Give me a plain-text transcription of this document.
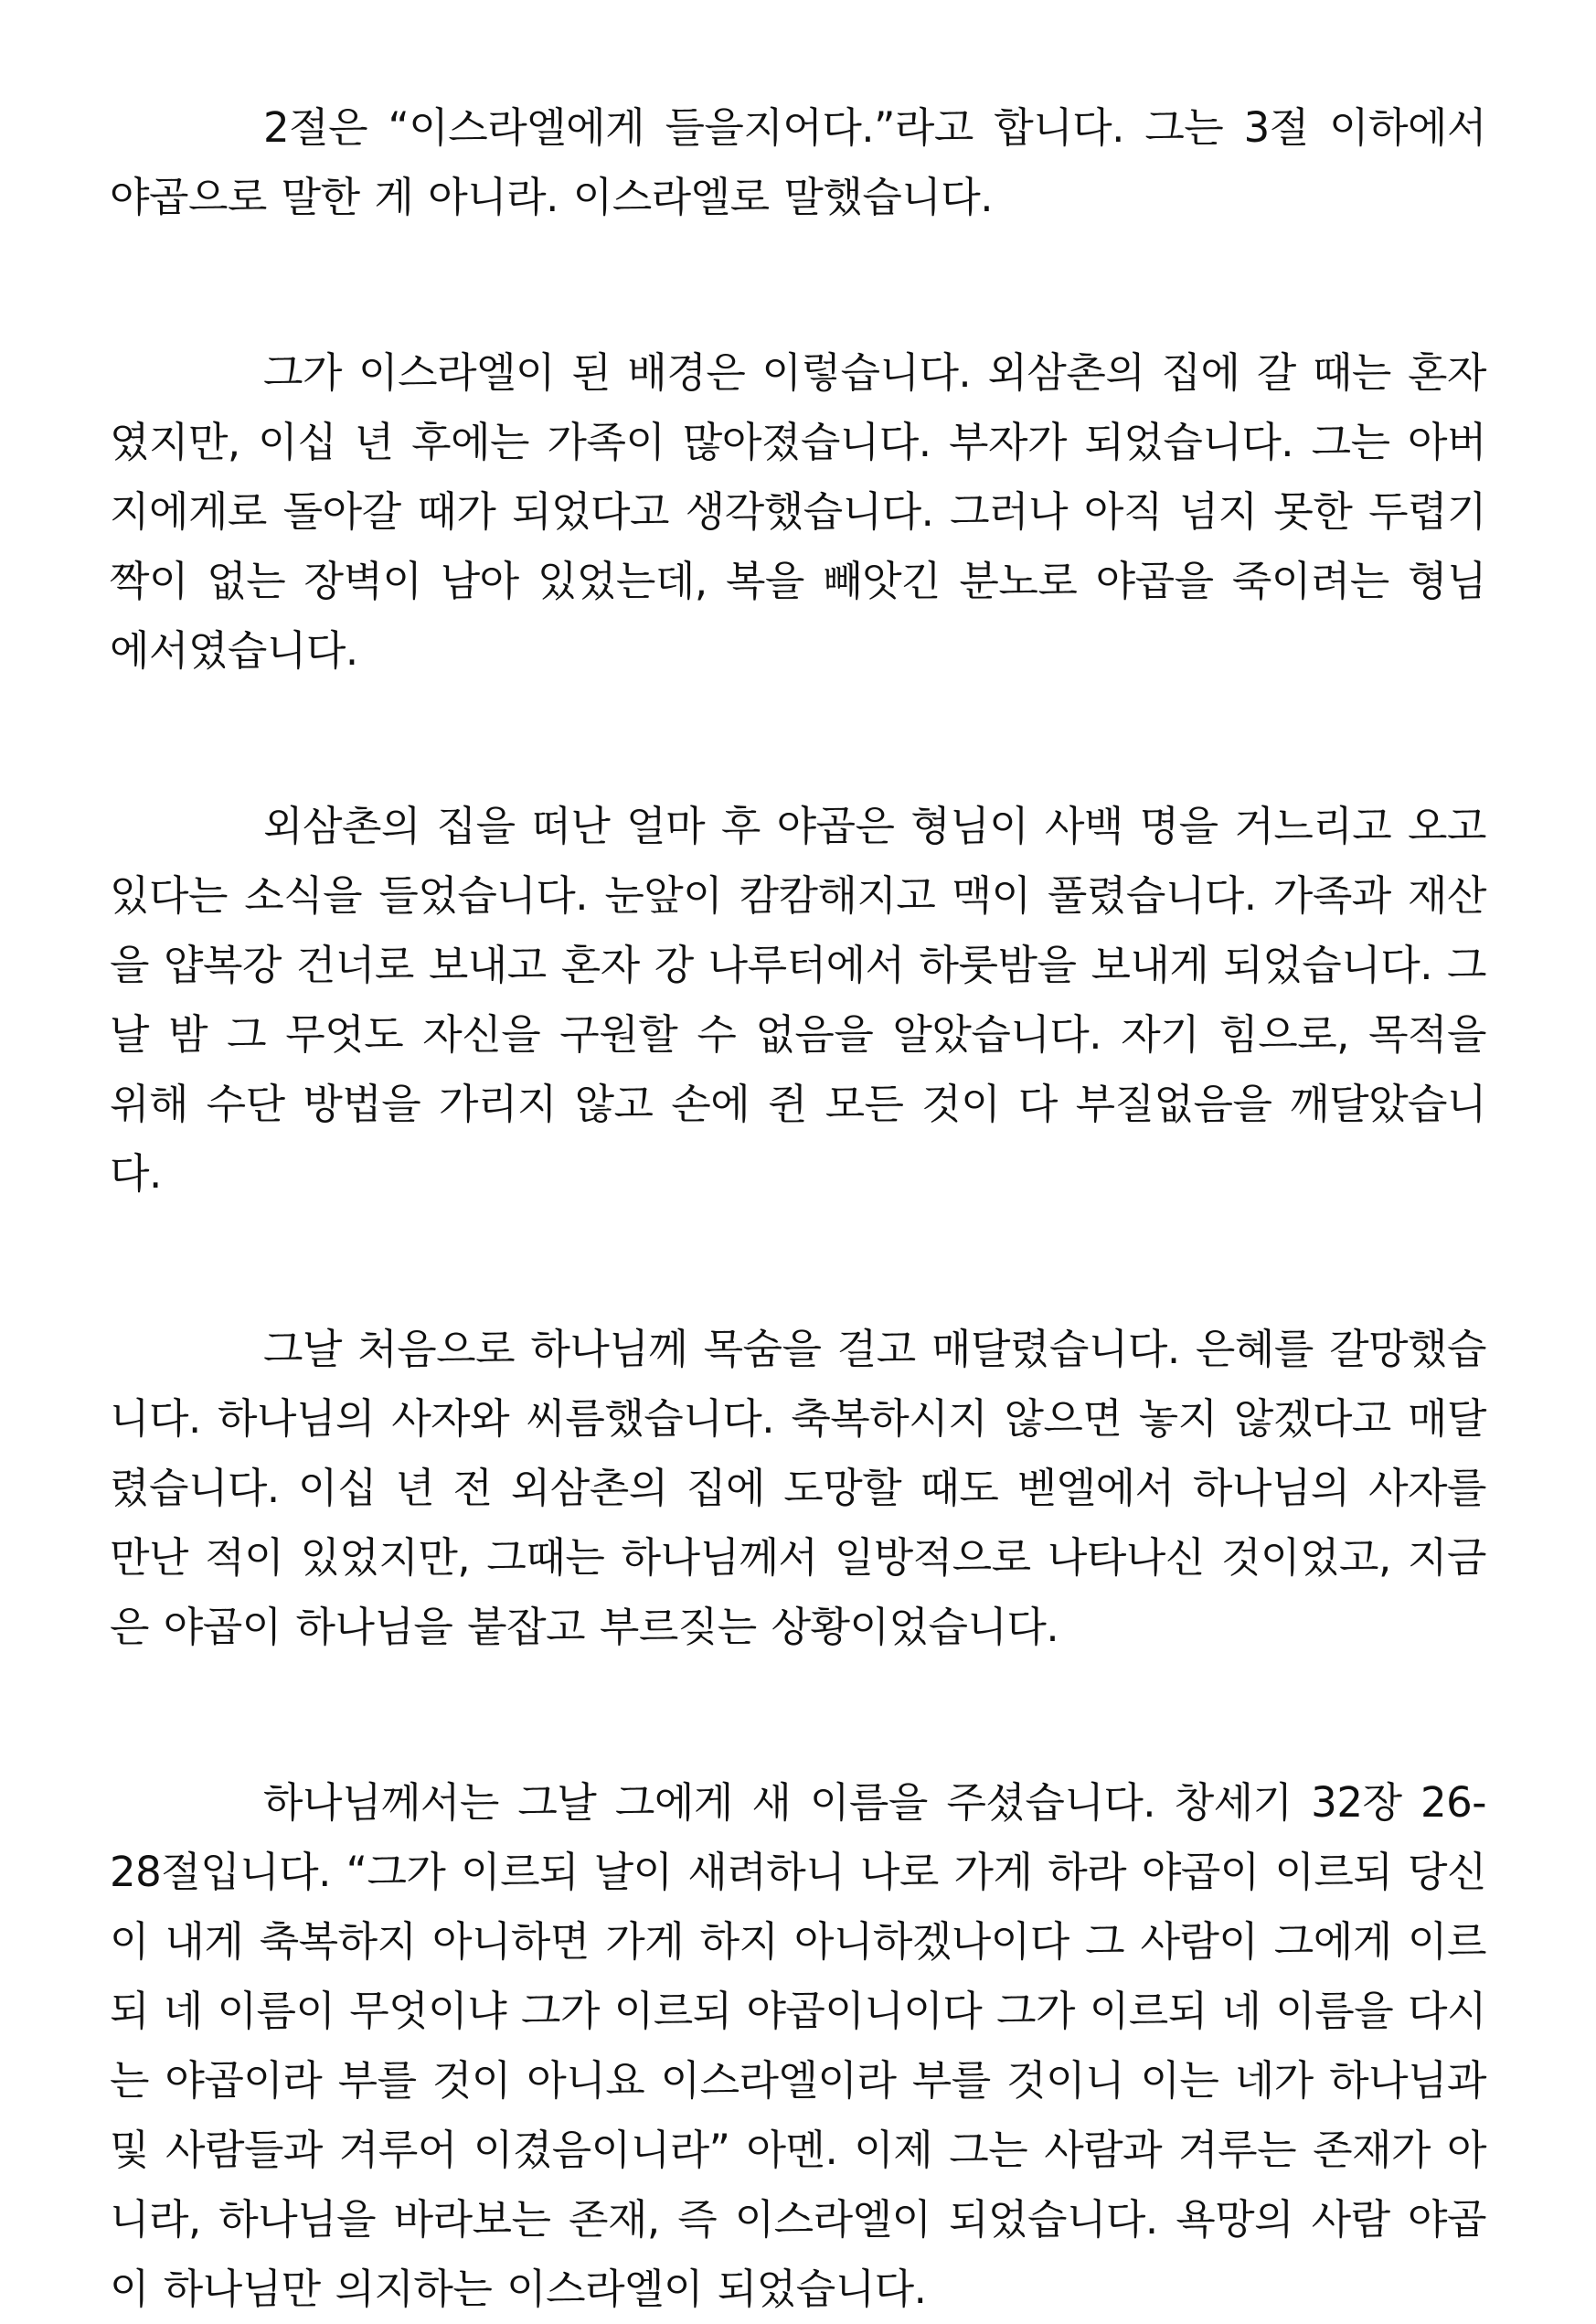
2절은 “이스라엘에게 들을지어다.”라고 합니다. 그는 3절 이하에서 야곱으로 말한 게 아니라. 이스라엘로 말했습니다.

그가 이스라엘이 된 배경은 이렇습니다. 외삼촌의 집에 갈 때는 혼자였지만, 이십 년 후에는 가족이 많아졌습니다. 부자가 되었습니다. 그는 아버지에게로 돌아갈 때가 되었다고 생각했습니다. 그러나 아직 넘지 못한 두렵기 짝이 없는 장벽이 남아 있었는데, 복을 빼앗긴 분노로 야곱을 죽이려는 형님 에서였습니다.

외삼촌의 집을 떠난 얼마 후 야곱은 형님이 사백 명을 거느리고 오고 있다는 소식을 들었습니다. 눈앞이 캄캄해지고 맥이 풀렸습니다. 가족과 재산을 얍복강 건너로 보내고 혼자 강 나루터에서 하룻밤을 보내게 되었습니다. 그날 밤 그 무엇도 자신을 구원할 수 없음을 알았습니다. 자기 힘으로, 목적을 위해 수단 방법을 가리지 않고 손에 쥔 모든 것이 다 부질없음을 깨달았습니다.

그날 처음으로 하나님께 목숨을 걸고 매달렸습니다. 은혜를 갈망했습니다. 하나님의 사자와 씨름했습니다. 축복하시지 않으면 놓지 않겠다고 매달렸습니다. 이십 년 전 외삼촌의 집에 도망할 때도 벧엘에서 하나님의 사자를 만난 적이 있었지만, 그때는 하나님께서 일방적으로 나타나신 것이었고, 지금은 야곱이 하나님을 붙잡고 부르짖는 상황이었습니다.

하나님께서는 그날 그에게 새 이름을 주셨습니다. 창세기 32장 26-28절입니다. “그가 이르되 날이 새려하니 나로 가게 하라 야곱이 이르되 당신이 내게 축복하지 아니하면 가게 하지 아니하겠나이다 그 사람이 그에게 이르되 네 이름이 무엇이냐 그가 이르되 야곱이니이다 그가 이르되 네 이름을 다시는 야곱이라 부를 것이 아니요 이스라엘이라 부를 것이니 이는 네가 하나님과 및 사람들과 겨루어 이겼음이니라” 아멘. 이제 그는 사람과 겨루는 존재가 아니라, 하나님을 바라보는 존재, 즉 이스라엘이 되었습니다. 욕망의 사람 야곱이 하나님만 의지하는 이스라엘이 되었습니다.
